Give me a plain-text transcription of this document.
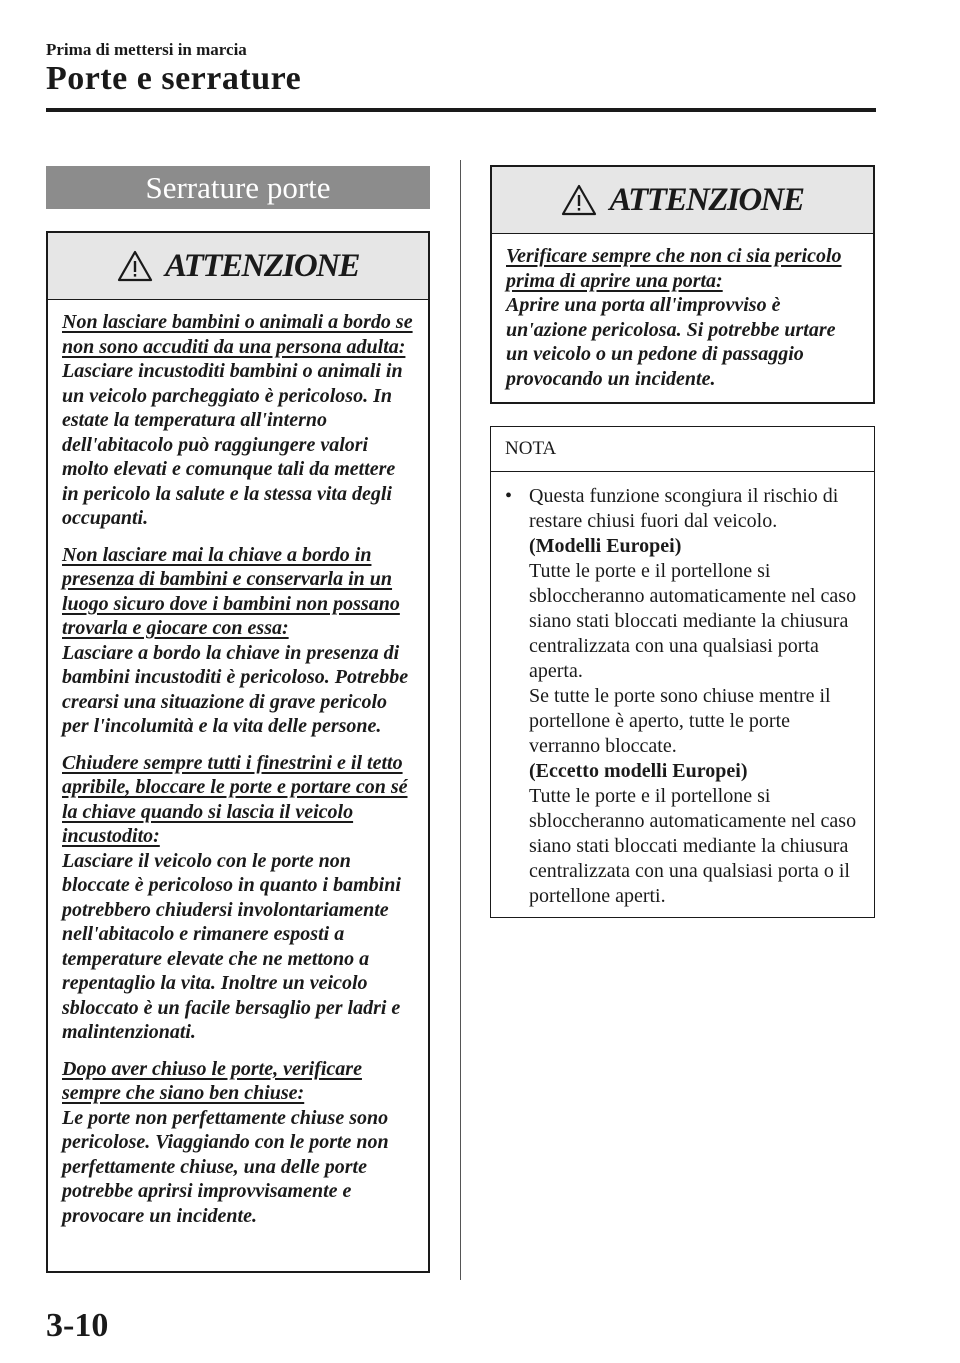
Prima di mettersi in marcia
Porte e serrature
Serrature porte
ATTENZIONE

Non lasciare bambini o animali a bordo se non sono accuditi da una persona adulta:
Lasciare incustoditi bambini o animali in un veicolo parcheggiato è pericoloso. In estate la temperatura all'interno dell'abitacolo può raggiungere valori molto elevati e comunque tali da mettere in pericolo la salute e la stessa vita degli occupanti.

Non lasciare mai la chiave a bordo in presenza di bambini e conservarla in un luogo sicuro dove i bambini non possano trovarla e giocare con essa:
Lasciare a bordo la chiave in presenza di bambini incustoditi è pericoloso. Potrebbe crearsi una situazione di grave pericolo per l'incolumità e la vita delle persone.

Chiudere sempre tutti i finestrini e il tetto apribile, bloccare le porte e portare con sé la chiave quando si lascia il veicolo incustodito:
Lasciare il veicolo con le porte non bloccate è pericoloso in quanto i bambini potrebbero chiudersi involontariamente nell'abitacolo e rimanere esposti a temperature elevate che ne mettono a repentaglio la vita. Inoltre un veicolo sbloccato è un facile bersaglio per ladri e malintenzionati.

Dopo aver chiuso le porte, verificare sempre che siano ben chiuse:
Le porte non perfettamente chiuse sono pericolose. Viaggiando con le porte non perfettamente chiuse, una delle porte potrebbe aprirsi improvvisamente e provocare un incidente.

ATTENZIONE

Verificare sempre che non ci sia pericolo prima di aprire una porta:
Aprire una porta all'improvviso è un'azione pericolosa. Si potrebbe urtare un veicolo o un pedone di passaggio provocando un incidente.

NOTA
• Questa funzione scongiura il rischio di restare chiusi fuori dal veicolo.

(Modelli Europei)

Tutte le porte e il portellone si sbloccheranno automaticamente nel caso siano stati bloccati mediante la chiusura centralizzata con una qualsiasi porta aperta.

Se tutte le porte sono chiuse mentre il portellone è aperto, tutte le porte verranno bloccate.

(Eccetto modelli Europei)

Tutte le porte e il portellone si sbloccheranno automaticamente nel caso siano stati bloccati mediante la chiusura centralizzata con una qualsiasi porta o il portellone aperti.

3-10
